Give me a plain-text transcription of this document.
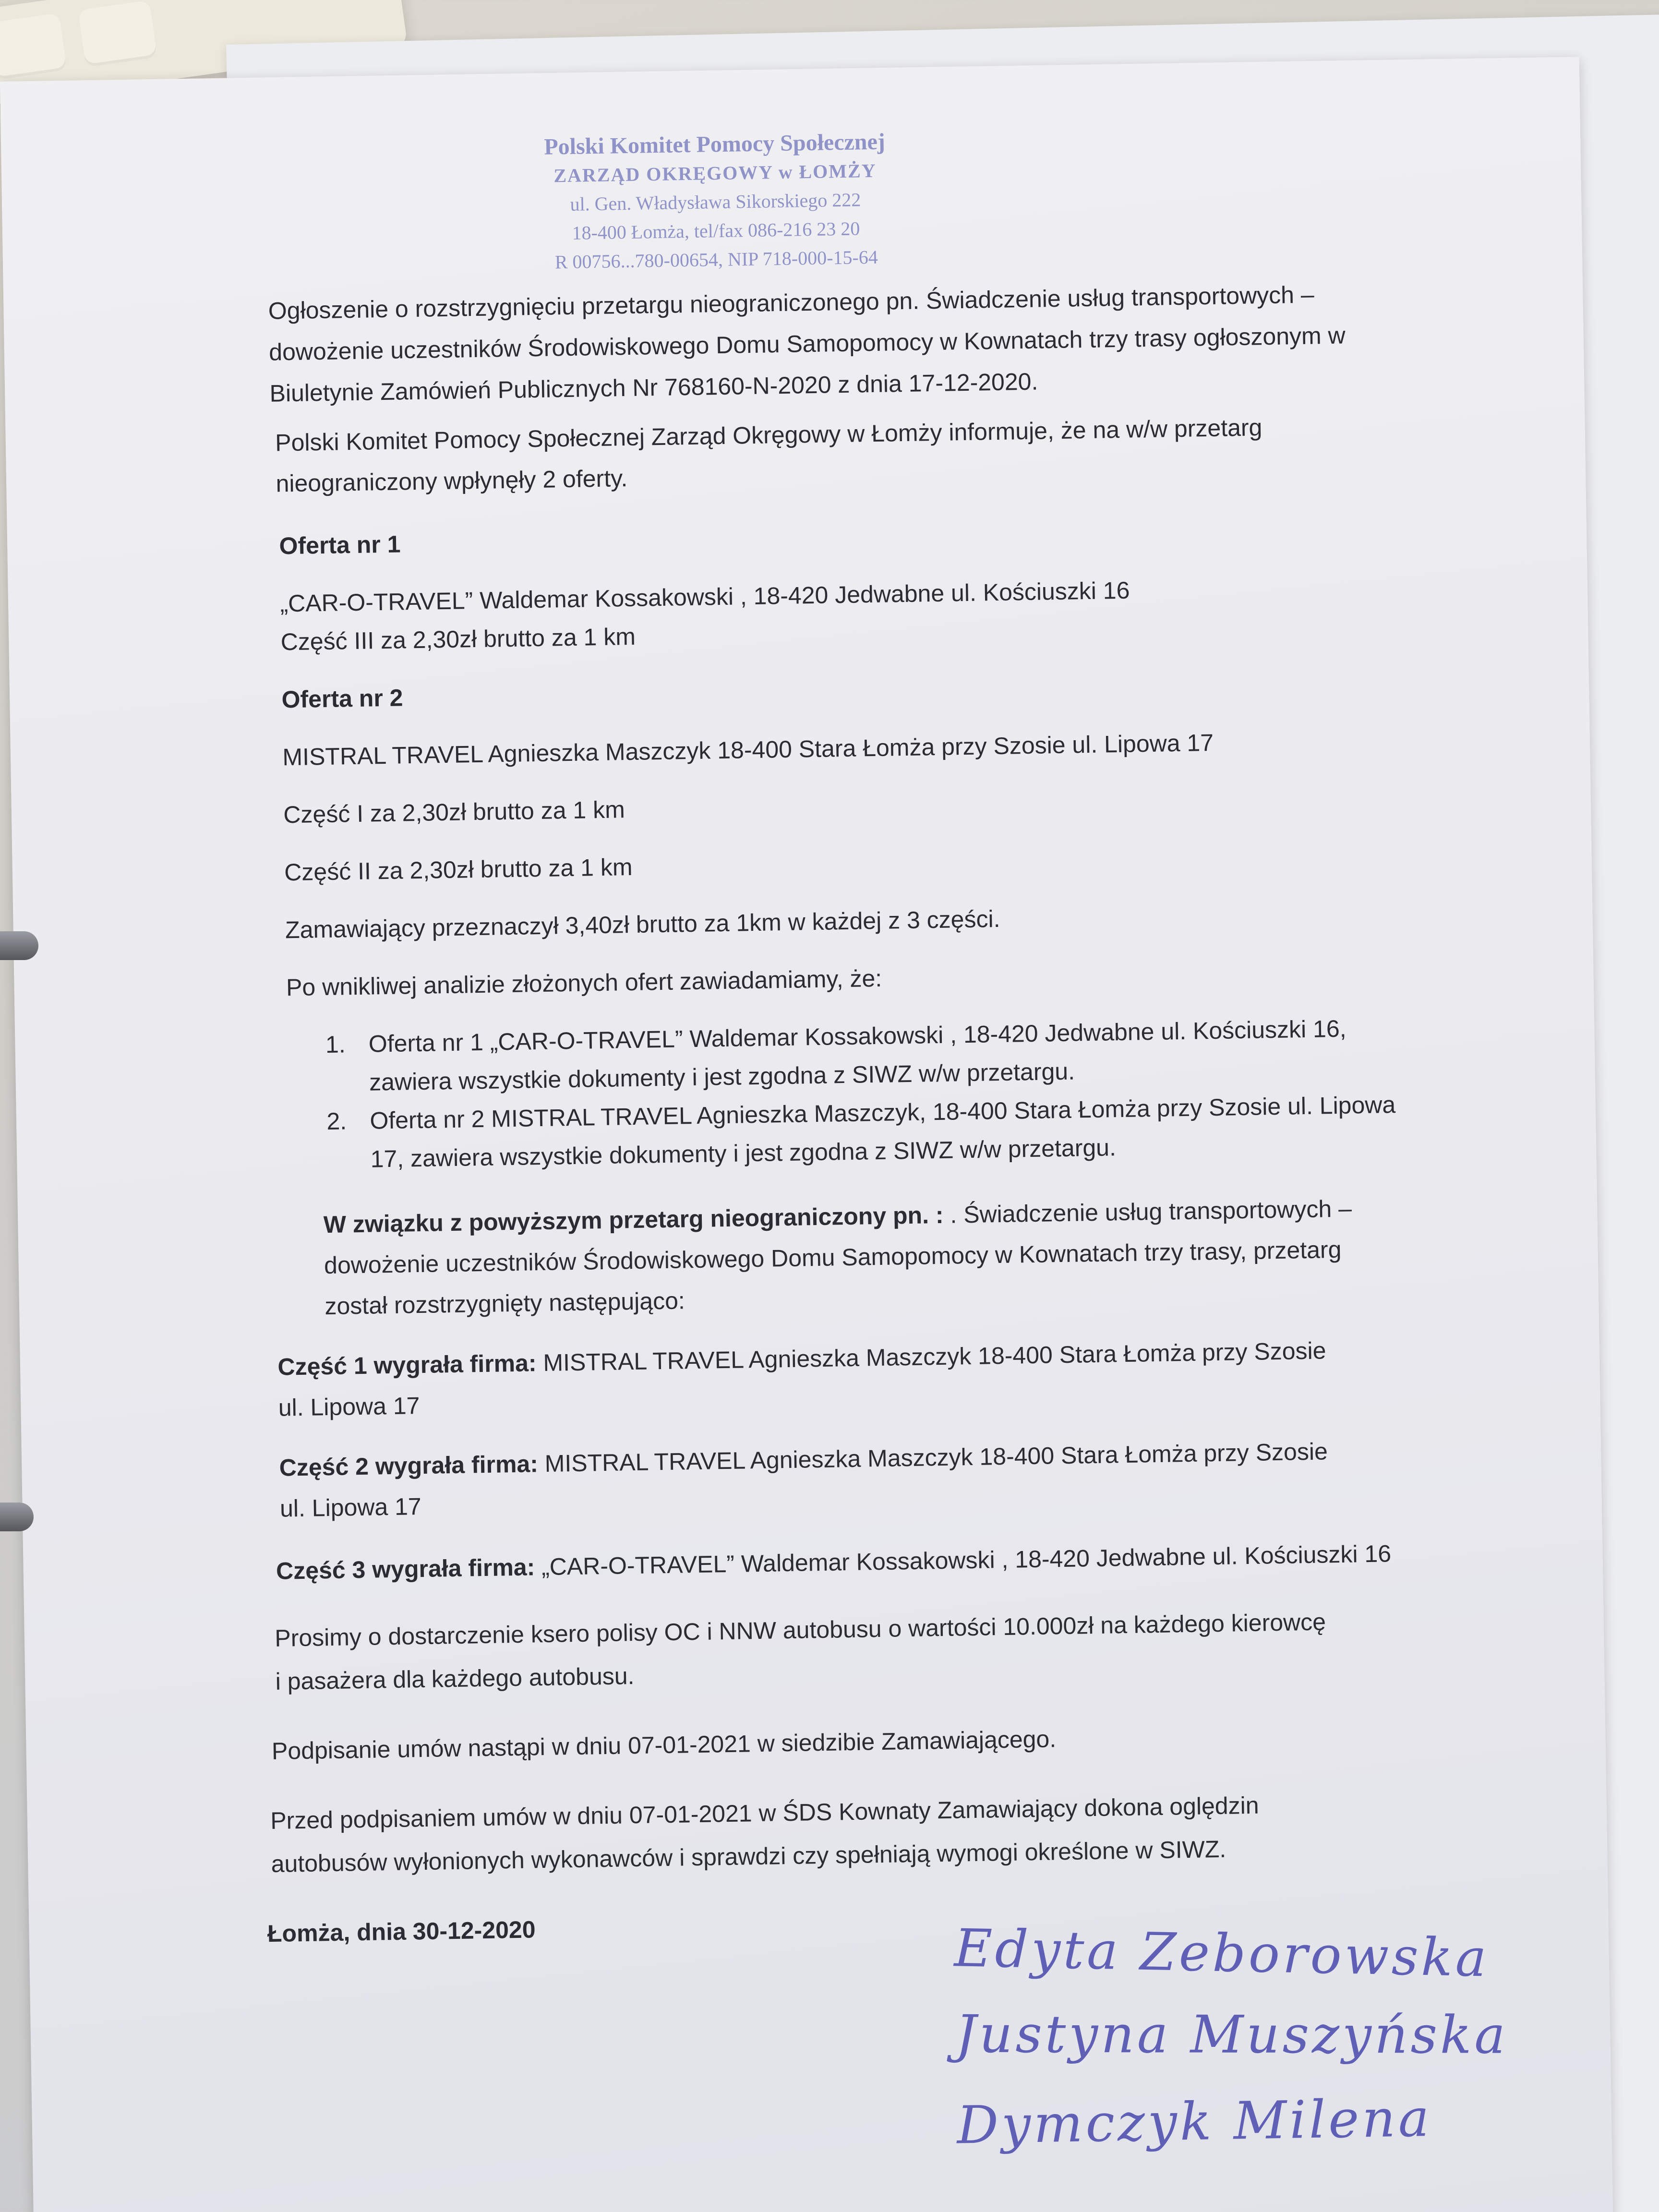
Polski Komitet Pomocy Społecznej
ZARZĄD OKRĘGOWY w ŁOMŻY
ul. Gen. Władysława Sikorskiego 222
18-400 Łomża, tel/fax 086-216 23 20
R 00756...780-00654, NIP 718-000-15-64
Ogłoszenie o rozstrzygnięciu przetargu nieograniczonego pn. Świadczenie usług transportowych –
dowożenie uczestników Środowiskowego Domu Samopomocy w Kownatach trzy trasy ogłoszonym w
Biuletynie Zamówień Publicznych Nr 768160-N-2020 z dnia 17-12-2020.
Polski Komitet Pomocy Społecznej Zarząd Okręgowy w Łomży informuje, że na w/w przetarg
nieograniczony wpłynęły 2 oferty.
Oferta nr 1
„CAR-O-TRAVEL” Waldemar Kossakowski , 18-420 Jedwabne ul. Kościuszki 16
Część III za 2,30zł brutto za 1 km
Oferta nr 2
MISTRAL TRAVEL Agnieszka Maszczyk 18-400 Stara Łomża przy Szosie ul. Lipowa 17
Część I za 2,30zł brutto za 1 km
Część II za 2,30zł brutto za 1 km
Zamawiający przeznaczył 3,40zł brutto za 1km w każdej z 3 części.
Po wnikliwej analizie złożonych ofert zawiadamiamy, że:
1. Oferta nr 1 „CAR-O-TRAVEL” Waldemar Kossakowski , 18-420 Jedwabne ul. Kościuszki 16,
zawiera wszystkie dokumenty i jest zgodna z SIWZ w/w przetargu.
2. Oferta nr 2 MISTRAL TRAVEL Agnieszka Maszczyk, 18-400 Stara Łomża przy Szosie ul. Lipowa
17, zawiera wszystkie dokumenty i jest zgodna z SIWZ w/w przetargu.
W związku z powyższym przetarg nieograniczony pn. : . Świadczenie usług transportowych –
dowożenie uczestników Środowiskowego Domu Samopomocy w Kownatach trzy trasy, przetarg
został rozstrzygnięty następująco:
Część 1 wygrała firma: MISTRAL TRAVEL Agnieszka Maszczyk 18-400 Stara Łomża przy Szosie
ul. Lipowa 17
Część 2 wygrała firma: MISTRAL TRAVEL Agnieszka Maszczyk 18-400 Stara Łomża przy Szosie
ul. Lipowa 17
Część 3 wygrała firma: „CAR-O-TRAVEL” Waldemar Kossakowski , 18-420 Jedwabne ul. Kościuszki 16
Prosimy o dostarczenie ksero polisy OC i NNW autobusu o wartości 10.000zł na każdego kierowcę
i pasażera dla każdego autobusu.
Podpisanie umów nastąpi w dniu 07-01-2021 w siedzibie Zamawiającego.
Przed podpisaniem umów w dniu 07-01-2021 w ŚDS Kownaty Zamawiający dokona oględzin
autobusów wyłonionych wykonawców i sprawdzi czy spełniają wymogi określone w SIWZ.
Łomża, dnia 30-12-2020	Edyta Zeborowska
Justyna Muszyńska
Dymczyk Milena
